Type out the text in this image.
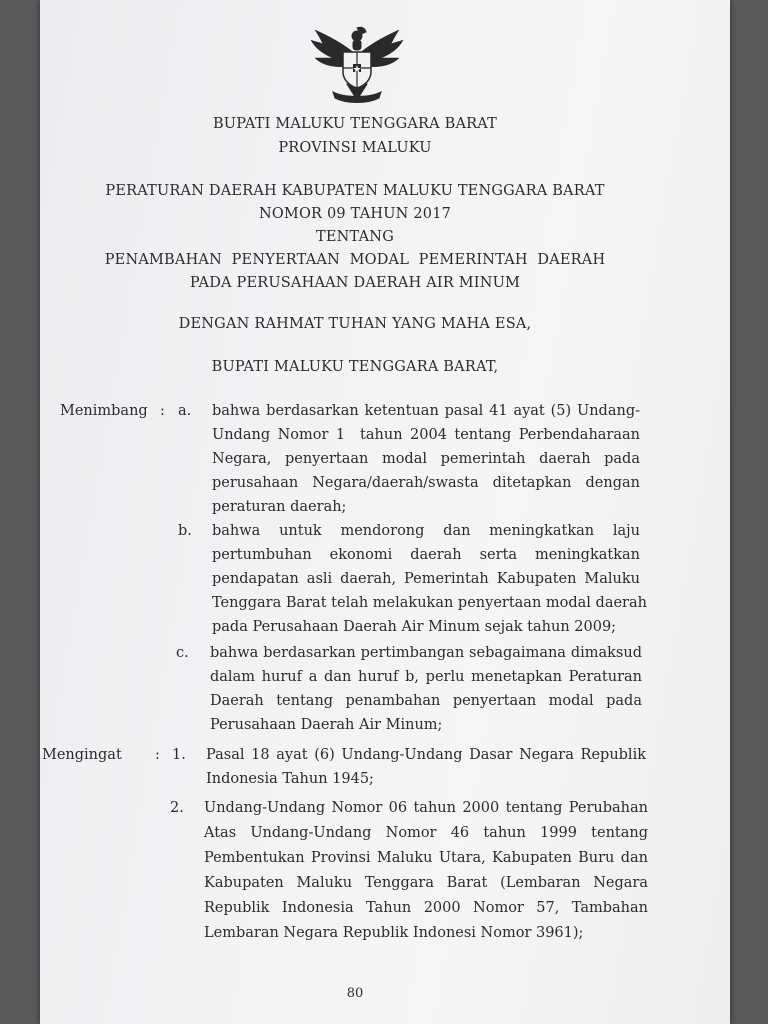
BUPATI MALUKU TENGGARA BARAT
PROVINSI MALUKU
PERATURAN DAERAH KABUPATEN MALUKU TENGGARA BARAT
NOMOR 09 TAHUN 2017
TENTANG
PENAMBAHAN  PENYERTAAN  MODAL  PEMERINTAH  DAERAH
PADA PERUSAHAAN DAERAH AIR MINUM
DENGAN RAHMAT TUHAN YANG MAHA ESA,
BUPATI MALUKU TENGGARA BARAT,
Menimbang : a. bahwa berdasarkan ketentuan pasal 41 ayat (5) Undang-
Undang Nomor 1  tahun 2004 tentang Perbendaharaan
Negara, penyertaan modal pemerintah daerah pada
perusahaan Negara/daerah/swasta ditetapkan dengan
peraturan daerah;
b. bahwa untuk mendorong dan meningkatkan laju
pertumbuhan ekonomi daerah serta meningkatkan
pendapatan asli daerah, Pemerintah Kabupaten Maluku
Tenggara Barat telah melakukan penyertaan modal daerah
pada Perusahaan Daerah Air Minum sejak tahun 2009;
c. bahwa berdasarkan pertimbangan sebagaimana dimaksud
dalam huruf a dan huruf b, perlu menetapkan Peraturan
Daerah tentang penambahan penyertaan modal pada
Perusahaan Daerah Air Minum;
Mengingat : 1. Pasal 18 ayat (6) Undang-Undang Dasar Negara Republik
Indonesia Tahun 1945;
2. Undang-Undang Nomor 06 tahun 2000 tentang Perubahan
Atas Undang-Undang Nomor 46 tahun 1999 tentang
Pembentukan Provinsi Maluku Utara, Kabupaten Buru dan
Kabupaten Maluku Tenggara Barat (Lembaran Negara
Republik Indonesia Tahun 2000 Nomor 57, Tambahan
Lembaran Negara Republik Indonesi Nomor 3961);
80
